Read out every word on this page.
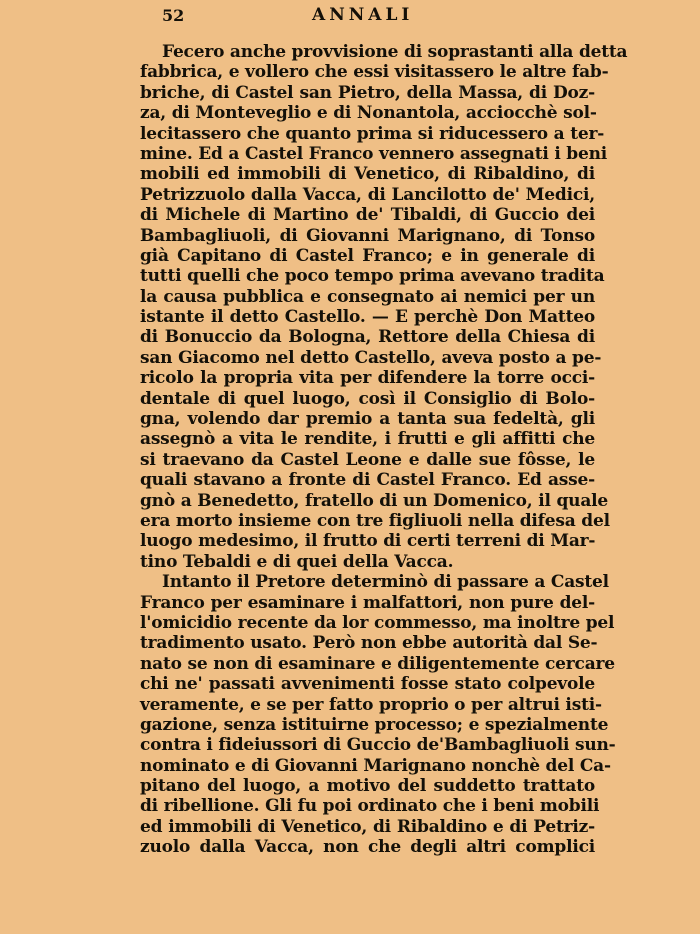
52	ANNALI
Fecero anche provvisione di soprastanti alla detta
fabbrica, e vollero che essi visitassero le altre fab-
briche, di Castel san Pietro, della Massa, di Doz-
za, di Monteveglio e di Nonantola, acciocchè sol-
lecitassero che quanto prima si riducessero a ter-
mine. Ed a Castel Franco vennero assegnati i beni
mobili ed immobili di Venetico, di Ribaldino, di
Petrizzuolo dalla Vacca, di Lancilotto de' Medici,
di Michele di Martino de' Tibaldi, di Guccio dei
Bambagliuoli, di Giovanni Marignano, di Tonso
già Capitano di Castel Franco; e in generale di
tutti quelli che poco tempo prima avevano tradita
la causa pubblica e consegnato ai nemici per un
istante il detto Castello. — E perchè Don Matteo
di Bonuccio da Bologna, Rettore della Chiesa di
san Giacomo nel detto Castello, aveva posto a pe-
ricolo la propria vita per difendere la torre occi-
dentale di quel luogo, così il Consiglio di Bolo-
gna, volendo dar premio a tanta sua fedeltà, gli
assegnò a vita le rendite, i frutti e gli affitti che
si traevano da Castel Leone e dalle sue fôsse, le
quali stavano a fronte di Castel Franco. Ed asse-
gnò a Benedetto, fratello di un Domenico, il quale
era morto insieme con tre figliuoli nella difesa del
luogo medesimo, il frutto di certi terreni di Mar-
tino Tebaldi e di quei della Vacca.
Intanto il Pretore determinò di passare a Castel
Franco per esaminare i malfattori, non pure del-
l'omicidio recente da lor commesso, ma inoltre pel
tradimento usato. Però non ebbe autorità dal Se-
nato se non di esaminare e diligentemente cercare
chi ne' passati avvenimenti fosse stato colpevole
veramente, e se per fatto proprio o per altrui isti-
gazione, senza istituirne processo; e spezialmente
contra i fideiussori di Guccio de'Bambagliuoli sun-
nominato e di Giovanni Marignano nonchè del Ca-
pitano del luogo, a motivo del suddetto trattato
di ribellione. Gli fu poi ordinato che i beni mobili
ed immobili di Venetico, di Ribaldino e di Petriz-
zuolo dalla Vacca, non che degli altri complici
